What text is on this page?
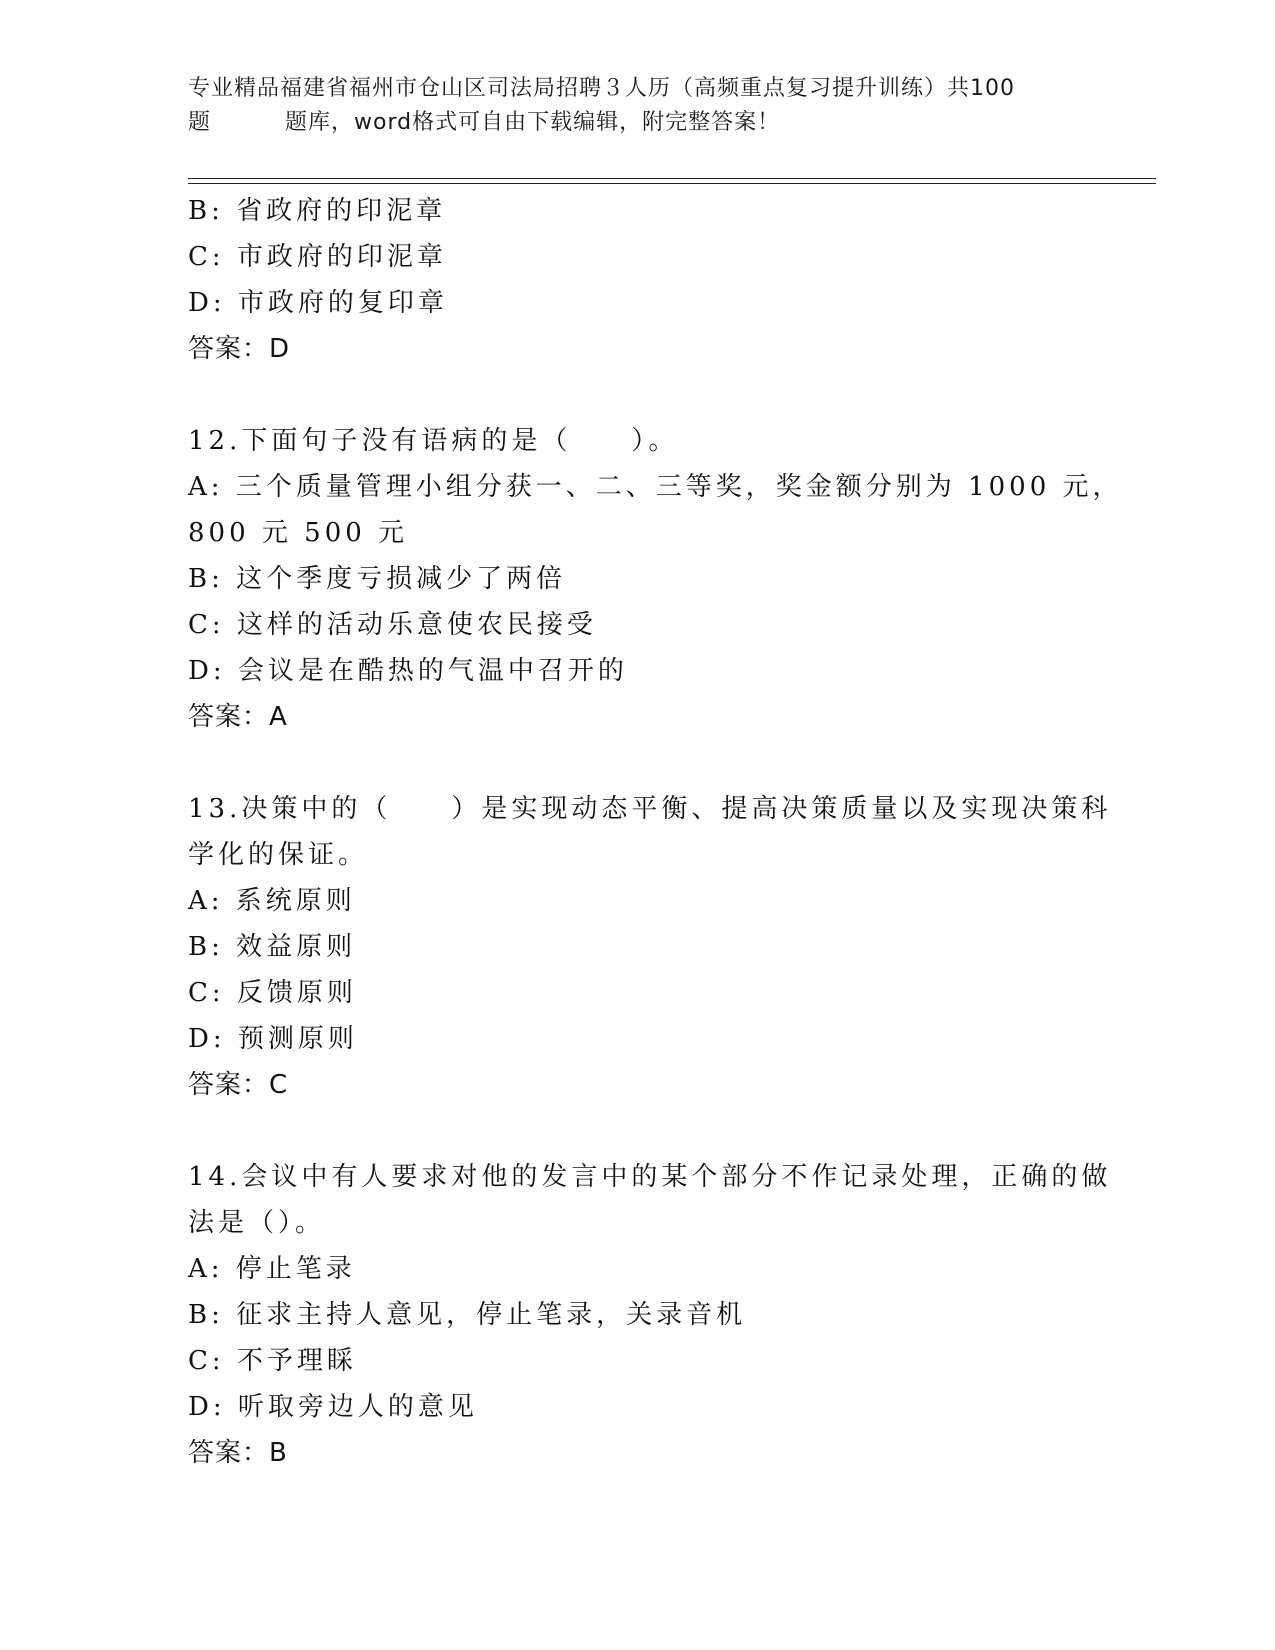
专业精品福建省福州市仓山区司法局招聘３人历（高频重点复习提升训练）共100
题	题库，word格式可自由下载编辑，附完整答案！
B: 省政府的印泥章
C: 市政府的印泥章
D: 市政府的复印章
答案：D
12.下面句子没有语病的是（　　）。
A: 三个质量管理小组分获一、二、三等奖，奖金额分别为 1000 元，
800 元 500 元
B: 这个季度亏损减少了两倍
C: 这样的活动乐意使农民接受
D: 会议是在酷热的气温中召开的
答案：A
13.决策中的（　　）是实现动态平衡、提高决策质量以及实现决策科
学化的保证。
A: 系统原则
B: 效益原则
C: 反馈原则
D: 预测原则
答案：C
14.会议中有人要求对他的发言中的某个部分不作记录处理，正确的做
法是（）。
A: 停止笔录
B: 征求主持人意见，停止笔录，关录音机
C: 不予理睬
D: 听取旁边人的意见
答案：B
